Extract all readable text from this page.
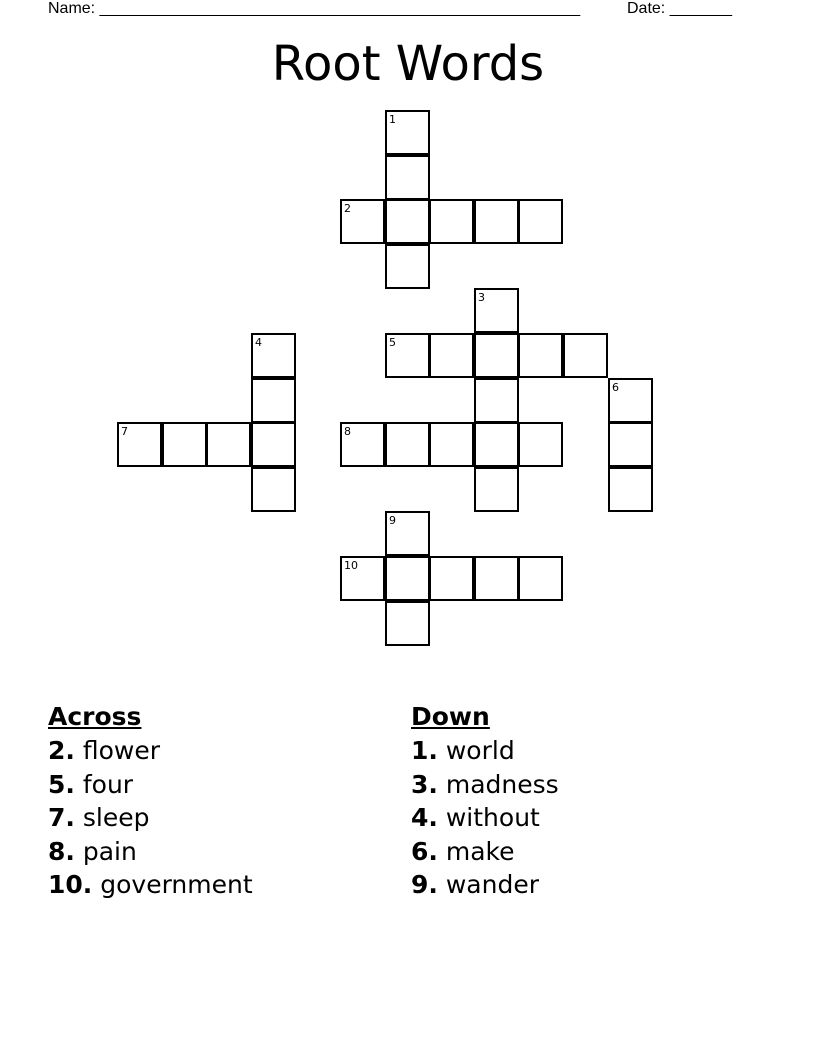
Name: ______________________________________________________	Date: _______
Root Words
1
2
3
4	5
6
7	8
9
10
Across
2. flower
5. four
7. sleep
8. pain
10. government
Down
1. world
3. madness
4. without
6. make
9. wander
